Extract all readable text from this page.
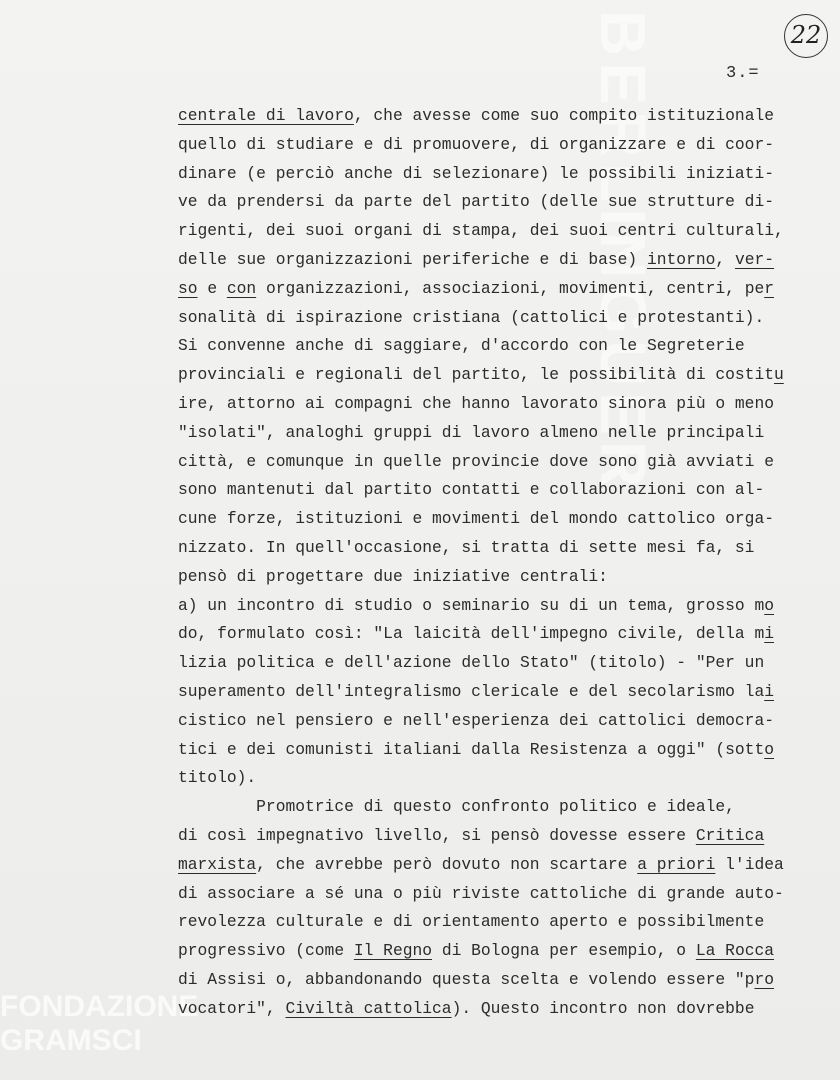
BERLINGUER
FONDAZIONE
GRAMSCI
22
3.=
centrale di lavoro, che avesse come suo compito istituzionale
quello di studiare e di promuovere, di organizzare e di coor-
dinare (e perciò anche di selezionare) le possibili iniziati-
ve da prendersi da parte del partito (delle sue strutture di-
rigenti, dei suoi organi di stampa, dei suoi centri culturali,
delle sue organizzazioni periferiche e di base) intorno, ver-
so e con organizzazioni, associazioni, movimenti, centri, per
sonalità di ispirazione cristiana (cattolici e protestanti).
Si convenne anche di saggiare, d'accordo con le Segreterie
provinciali e regionali del partito, le possibilità di costitu
ire, attorno ai compagni che hanno lavorato sinora più o meno
"isolati", analoghi gruppi di lavoro almeno nelle principali
città, e comunque in quelle provincie dove sono già avviati e
sono mantenuti dal partito contatti e collaborazioni con al-
cune forze, istituzioni e movimenti del mondo cattolico orga-
nizzato. In quell'occasione, si tratta di sette mesi fa, si
pensò di progettare due iniziative centrali:
a) un incontro di studio o seminario su di un tema, grosso mo
do, formulato così: "La laicità dell'impegno civile, della mi
lizia politica e dell'azione dello Stato" (titolo) - "Per un
superamento dell'integralismo clericale e del secolarismo lai
cistico nel pensiero e nell'esperienza dei cattolici democra-
tici e dei comunisti italiani dalla Resistenza a oggi" (sotto
titolo).
Promotrice di questo confronto politico e ideale,
di così impegnativo livello, si pensò dovesse essere Critica
marxista, che avrebbe però dovuto non scartare a priori l'idea
di associare a sé una o più riviste cattoliche di grande auto-
revolezza culturale e di orientamento aperto e possibilmente
progressivo (come Il Regno di Bologna per esempio, o La Rocca
di Assisi o, abbandonando questa scelta e volendo essere "pro
vocatori", Civiltà cattolica). Questo incontro non dovrebbe
